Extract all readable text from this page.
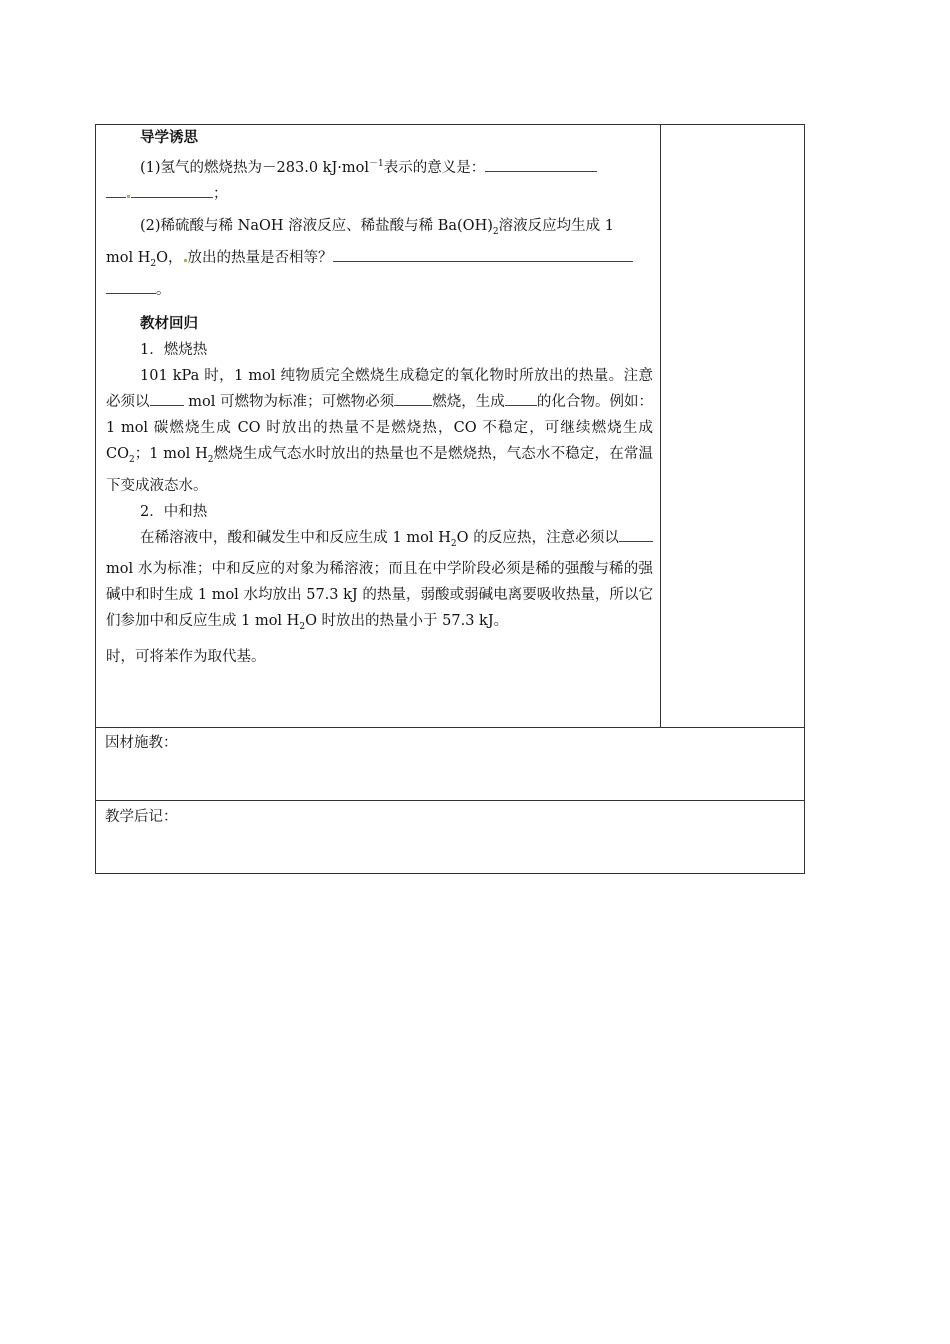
导学诱思

(1)氢气的燃烧热为－283.0 kJ·mol$^{-1}$表示的意义是：
；

(2)稀硫酸与稀 NaOH 溶液反应、稀盐酸与稀 $Ba(OH)_2$溶液反应均生成 1

mol $H_2O$， 放出的热量是否相等？
。

教材回归

1．燃烧热

101 kPa 时，1 mol 纯物质完全燃烧生成稳定的氧化物时所放出的热量。注意必须以 mol 可燃物为标准；可燃物必须	燃烧，生成 的化合物。例如：1 mol 碳燃烧生成 CO 时放出的热量不是燃烧热，CO 不稳定，可继续燃烧生成 $CO_2$；1 mol $H_2$燃烧生成气态水时放出的热量也不是燃烧热，气态水不稳定，在常温下变成液态水。

2．中和热

在稀溶液中，酸和碱发生中和反应生成 1 mol $H_2O$ 的反应热，注意必须以 mol 水为标准；中和反应的对象为稀溶液；而且在中学阶段必须是稀的强酸与稀的强碱中和时生成 1 mol 水均放出 57.3 kJ 的热量，弱酸或弱碱电离要吸收热量，所以它们参加中和反应生成 1 mol $H_2O$ 时放出的热量小于 57.3 kJ。

时，可将苯作为取代基。

因材施教：
教学后记：
